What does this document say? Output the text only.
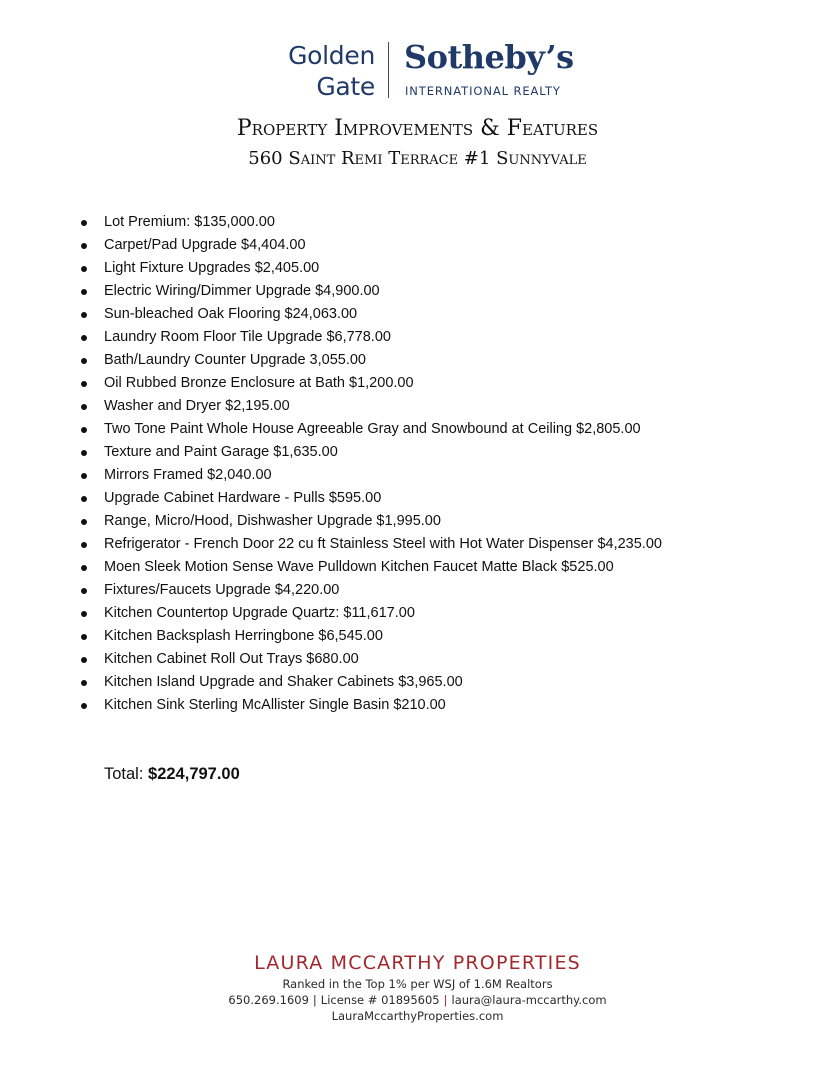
Golden
Gate
Sotheby’s
INTERNATIONAL REALTY
Property Improvements & Features
560 Saint Remi Terrace #1 Sunnyvale
Lot Premium: $135,000.00
Carpet/Pad Upgrade $4,404.00
Light Fixture Upgrades $2,405.00
Electric Wiring/Dimmer Upgrade $4,900.00
Sun-bleached Oak Flooring $24,063.00
Laundry Room Floor Tile Upgrade $6,778.00
Bath/Laundry Counter Upgrade 3,055.00
Oil Rubbed Bronze Enclosure at Bath $1,200.00
Washer and Dryer $2,195.00
Two Tone Paint Whole House Agreeable Gray and Snowbound at Ceiling $2,805.00
Texture and Paint Garage $1,635.00
Mirrors Framed $2,040.00
Upgrade Cabinet Hardware - Pulls $595.00
Range, Micro/Hood, Dishwasher Upgrade $1,995.00
Refrigerator - French Door 22 cu ft Stainless Steel with Hot Water Dispenser $4,235.00
Moen Sleek Motion Sense Wave Pulldown Kitchen Faucet Matte Black $525.00
Fixtures/Faucets Upgrade $4,220.00
Kitchen Countertop Upgrade Quartz: $11,617.00
Kitchen Backsplash Herringbone $6,545.00
Kitchen Cabinet Roll Out Trays $680.00
Kitchen Island Upgrade and Shaker Cabinets $3,965.00
Kitchen Sink Sterling McAllister Single Basin $210.00
Total: $224,797.00
LAURA MCCARTHY PROPERTIES
Ranked in the Top 1% per WSJ of 1.6M Realtors
650.269.1609 | License # 01895605 | laura@laura-mccarthy.com
LauraMccarthyProperties.com
